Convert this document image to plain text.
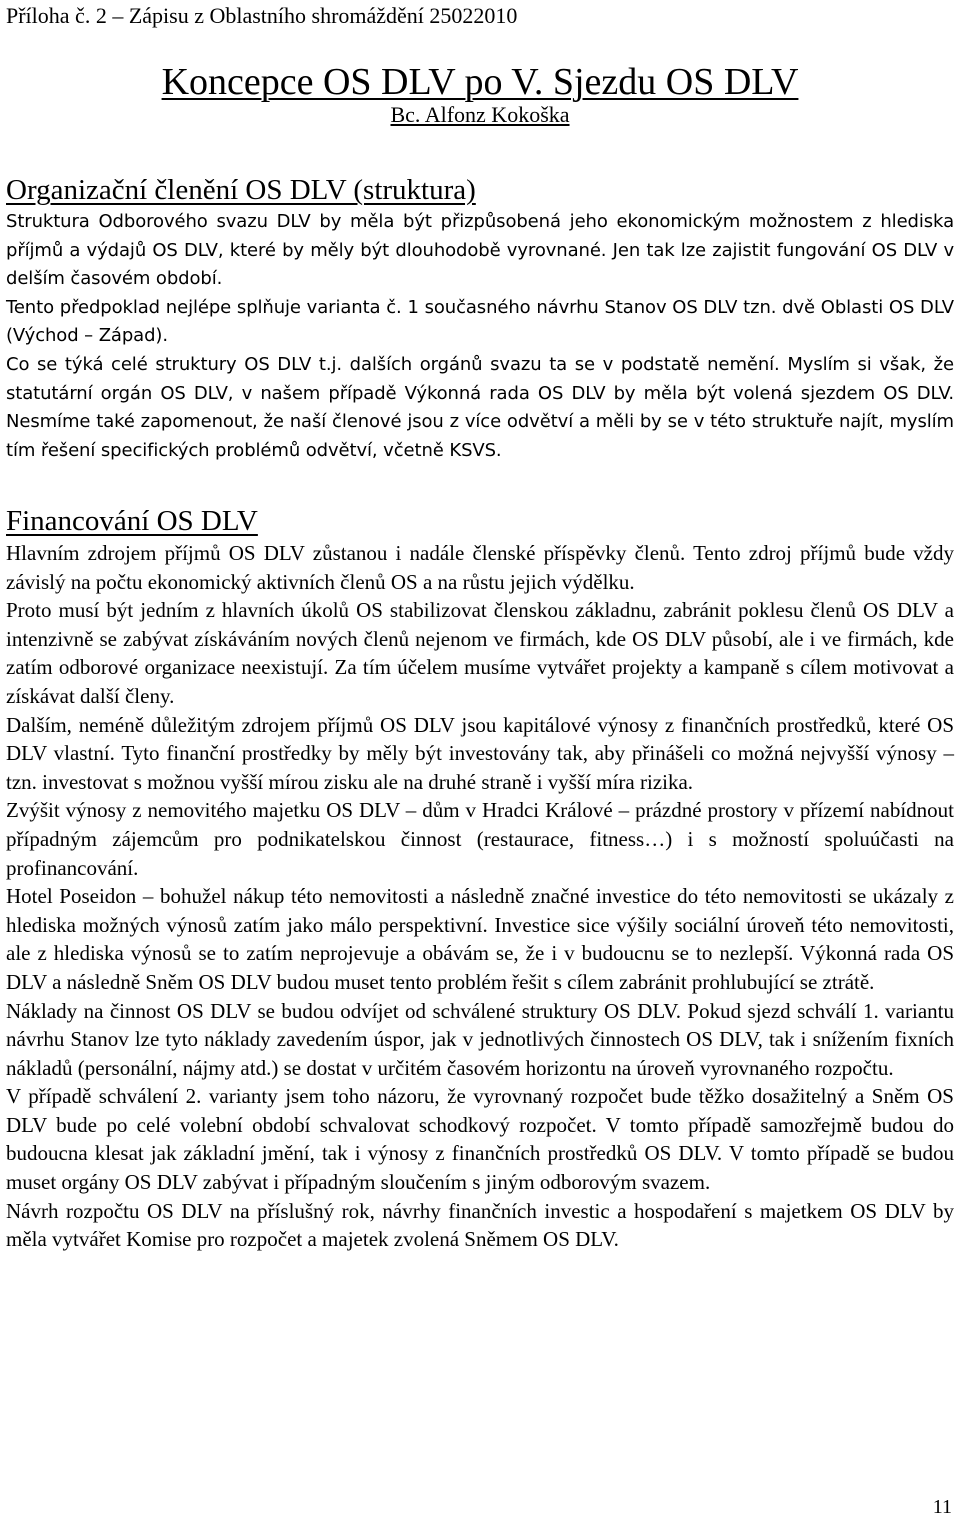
Příloha č. 2 – Zápisu z Oblastního shromáždění 25022010
Koncepce OS DLV po V. Sjezdu OS DLV
Bc. Alfonz Kokoška
Organizační členění OS DLV (struktura)

Struktura Odborového svazu DLV by měla být přizpůsobená jeho ekonomickým možnostem z hlediska příjmů a výdajů OS DLV, které by měly být dlouhodobě vyrovnané. Jen tak lze zajistit fungování OS DLV v delším časovém období.

Tento předpoklad nejlépe splňuje varianta č. 1 současného návrhu Stanov OS DLV tzn. dvě Oblasti OS DLV (Východ – Západ).

Co se týká celé struktury OS DLV t.j. dalších orgánů svazu ta se v podstatě nemění. Myslím si však, že statutární orgán OS DLV, v našem případě Výkonná rada OS DLV by měla být volená sjezdem OS DLV. Nesmíme také zapomenout, že naší členové jsou z více odvětví a měli by se v této struktuře najít, myslím tím řešení specifických problémů odvětví, včetně KSVS.

Financování OS DLV

Hlavním zdrojem příjmů OS DLV zůstanou i nadále členské příspěvky členů. Tento zdroj příjmů bude vždy závislý na počtu ekonomický aktivních členů OS a na růstu jejich výdělku.

Proto musí být jedním z hlavních úkolů OS stabilizovat členskou základnu, zabránit poklesu členů OS DLV a intenzivně se zabývat získáváním nových členů nejenom ve firmách, kde OS DLV působí, ale i ve firmách, kde zatím odborové organizace neexistují. Za tím účelem musíme vytvářet projekty a kampaně s cílem motivovat a získávat další členy.

Dalším, neméně důležitým zdrojem příjmů OS DLV jsou kapitálové výnosy z finančních prostředků, které OS DLV vlastní. Tyto finanční prostředky by měly být investovány tak, aby přinášeli co možná nejvyšší výnosy – tzn. investovat s možnou vyšší mírou zisku ale na druhé straně i vyšší míra rizika.

Zvýšit výnosy z nemovitého majetku OS DLV – dům v Hradci Králové – prázdné prostory v přízemí nabídnout případným zájemcům pro podnikatelskou činnost (restaurace, fitness…) i s možností spoluúčasti na profinancování.

Hotel Poseidon – bohužel nákup této nemovitosti a následně značné investice do této nemovitosti se ukázaly z hlediska možných výnosů zatím jako málo perspektivní. Investice sice výšily sociální úroveň této nemovitosti, ale z hlediska výnosů se to zatím neprojevuje a obávám se, že i v budoucnu se to nezlepší. Výkonná rada OS DLV a následně Sněm OS DLV budou muset tento problém řešit s cílem zabránit prohlubující se ztrátě.

Náklady na činnost OS DLV se budou odvíjet od schválené struktury OS DLV. Pokud sjezd schválí 1. variantu návrhu Stanov lze tyto náklady zavedením úspor, jak v jednotlivých činnostech OS DLV, tak i snížením fixních nákladů (personální, nájmy atd.) se dostat v určitém časovém horizontu na úroveň vyrovnaného rozpočtu.

V případě schválení 2. varianty jsem toho názoru, že vyrovnaný rozpočet bude těžko dosažitelný a Sněm OS DLV bude po celé volební období schvalovat schodkový rozpočet. V tomto případě samozřejmě budou do budoucna klesat jak základní jmění, tak i výnosy z finančních prostředků OS DLV. V tomto případě se budou muset orgány OS DLV zabývat i případným sloučením s jiným odborovým svazem.

Návrh rozpočtu OS DLV na příslušný rok, návrhy finančních investic a hospodaření s majetkem OS DLV by měla vytvářet Komise pro rozpočet a majetek zvolená Sněmem OS DLV.

11
